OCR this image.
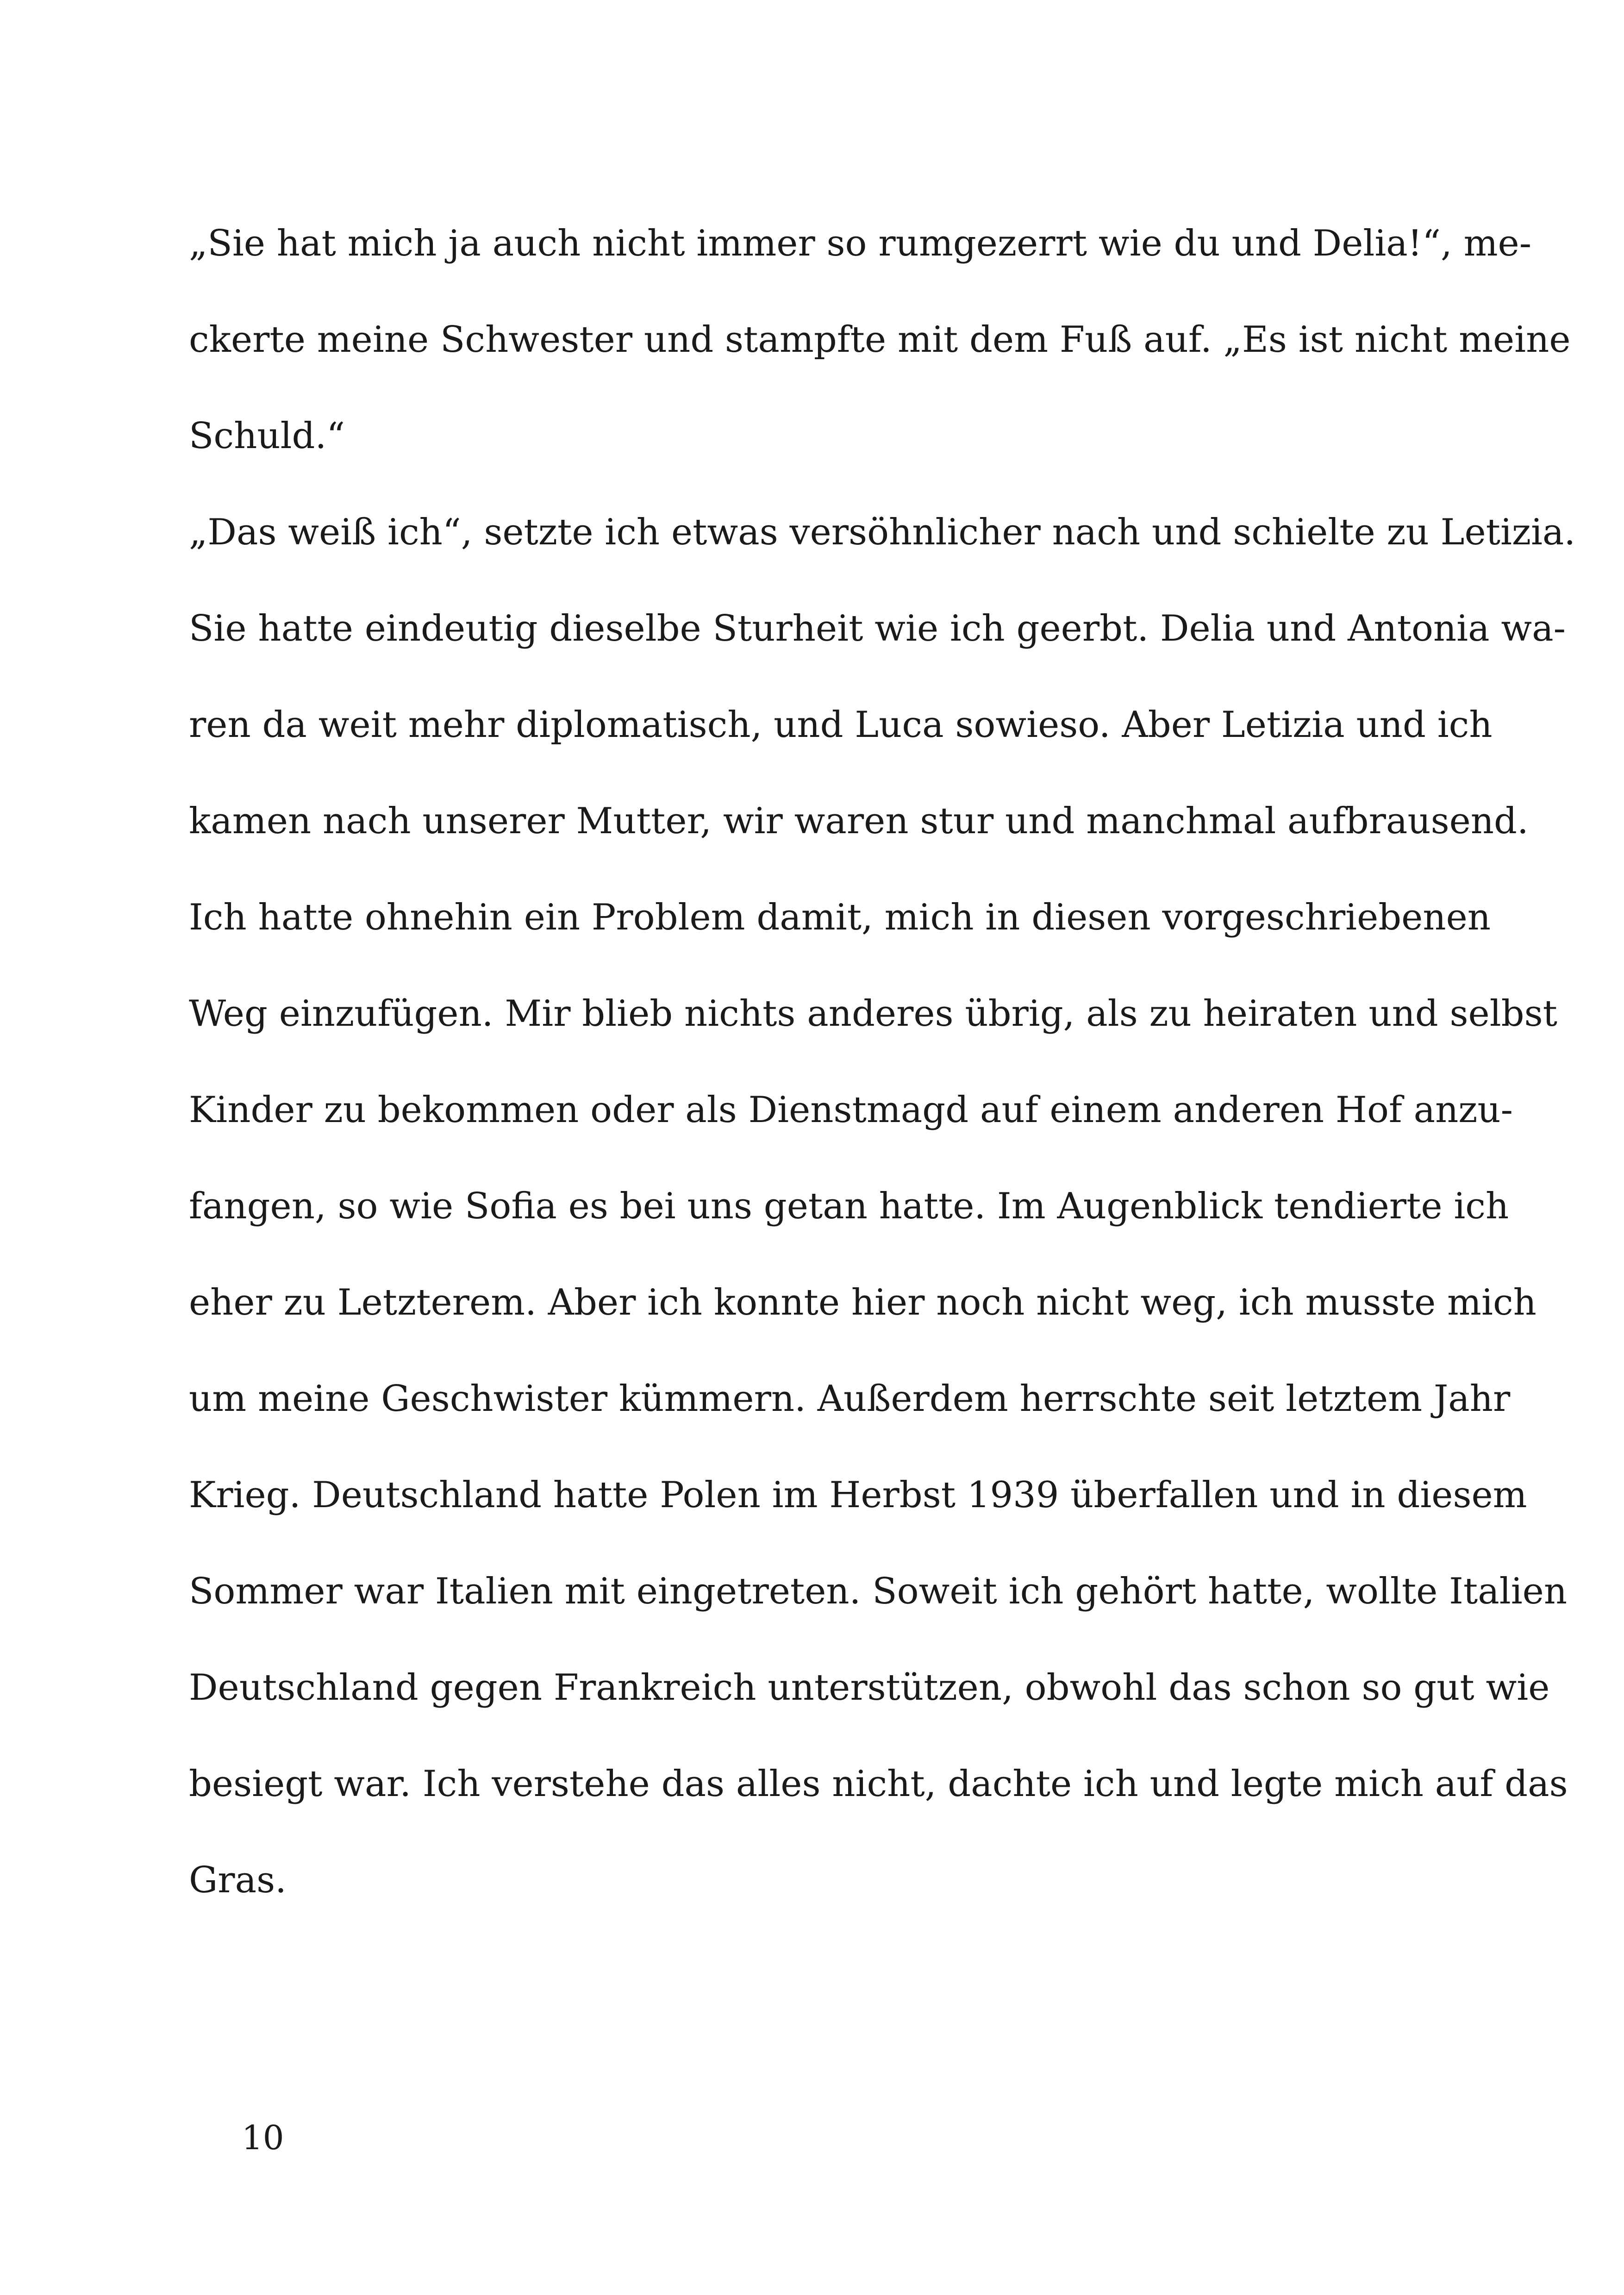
„Sie hat mich ja auch nicht immer so rumgezerrt wie du und Delia!“, me-
ckerte meine Schwester und stampfte mit dem Fuß auf. „Es ist nicht meine
Schuld.“
„Das weiß ich“, setzte ich etwas versöhnlicher nach und schielte zu Letizia.
Sie hatte eindeutig dieselbe Sturheit wie ich geerbt. Delia und Antonia wa-
ren da weit mehr diplomatisch, und Luca sowieso. Aber Letizia und ich
kamen nach unserer Mutter, wir waren stur und manchmal aufbrausend.
Ich hatte ohnehin ein Problem damit, mich in diesen vorgeschriebenen
Weg einzufügen. Mir blieb nichts anderes übrig, als zu heiraten und selbst
Kinder zu bekommen oder als Dienstmagd auf einem anderen Hof anzu-
fangen, so wie Sofia es bei uns getan hatte. Im Augenblick tendierte ich
eher zu Letzterem. Aber ich konnte hier noch nicht weg, ich musste mich
um meine Geschwister kümmern. Außerdem herrschte seit letztem Jahr
Krieg. Deutschland hatte Polen im Herbst 1939 überfallen und in diesem
Sommer war Italien mit eingetreten. Soweit ich gehört hatte, wollte Italien
Deutschland gegen Frankreich unterstützen, obwohl das schon so gut wie
besiegt war. Ich verstehe das alles nicht, dachte ich und legte mich auf das
Gras.
10
